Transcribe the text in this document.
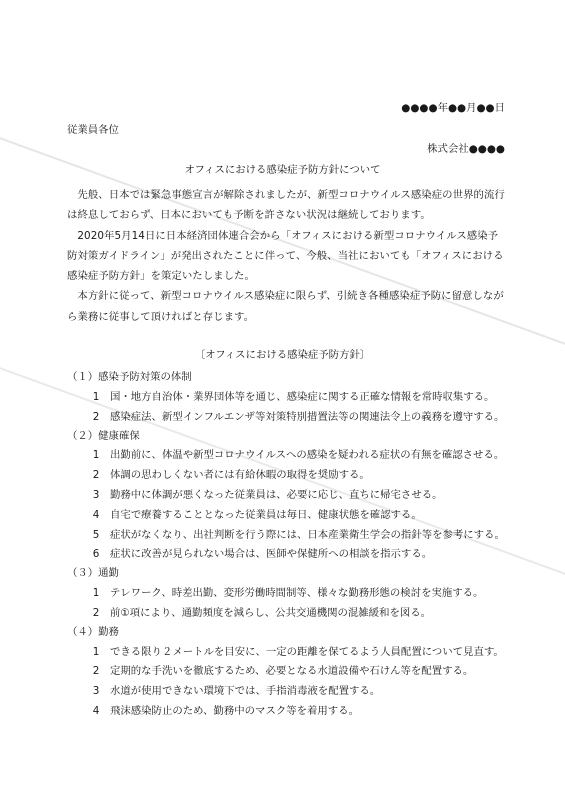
●●●●年●●月●●日
従業員各位
株式会社●●●●
オフィスにおける感染症予防方針について

先般、日本では緊急事態宣言が解除されましたが、新型コロナウイルス感染症の世界的流行は終息しておらず、日本においても予断を許さない状況は継続しております。

2020年5月14日に日本経済団体連合会から「オフィスにおける新型コロナウイルス感染予防対策ガイドライン」が発出されたことに伴って、今般、当社においても「オフィスにおける感染症予防方針」を策定いたしました。

本方針に従って、新型コロナウイルス感染症に限らず、引続き各種感染症予防に留意しながら業務に従事して頂ければと存じます。

〔オフィスにおける感染症予防方針〕
（１）感染予防対策の体制
1 国・地方自治体・業界団体等を通じ、感染症に関する正確な情報を常時収集する。
2 感染症法、新型インフルエンザ等対策特別措置法等の関連法令上の義務を遵守する。
（２）健康確保
1 出勤前に、体温や新型コロナウイルスへの感染を疑われる症状の有無を確認させる。
2 体調の思わしくない者には有給休暇の取得を奨励する。
3 勤務中に体調が悪くなった従業員は、必要に応じ、直ちに帰宅させる。
4 自宅で療養することとなった従業員は毎日、健康状態を確認する。
5 症状がなくなり、出社判断を行う際には、日本産業衛生学会の指針等を参考にする。
6 症状に改善が見られない場合は、医師や保健所への相談を指示する。
（３）通勤
1 テレワーク、時差出勤、変形労働時間制等、様々な勤務形態の検討を実施する。
2 前①項により、通勤頻度を減らし、公共交通機関の混雑緩和を図る。
（４）勤務
1 できる限り２メートルを目安に、一定の距離を保てるよう人員配置について見直す。
2 定期的な手洗いを徹底するため、必要となる水道設備や石けん等を配置する。
3 水道が使用できない環境下では、手指消毒液を配置する。
4 飛沫感染防止のため、勤務中のマスク等を着用する。
